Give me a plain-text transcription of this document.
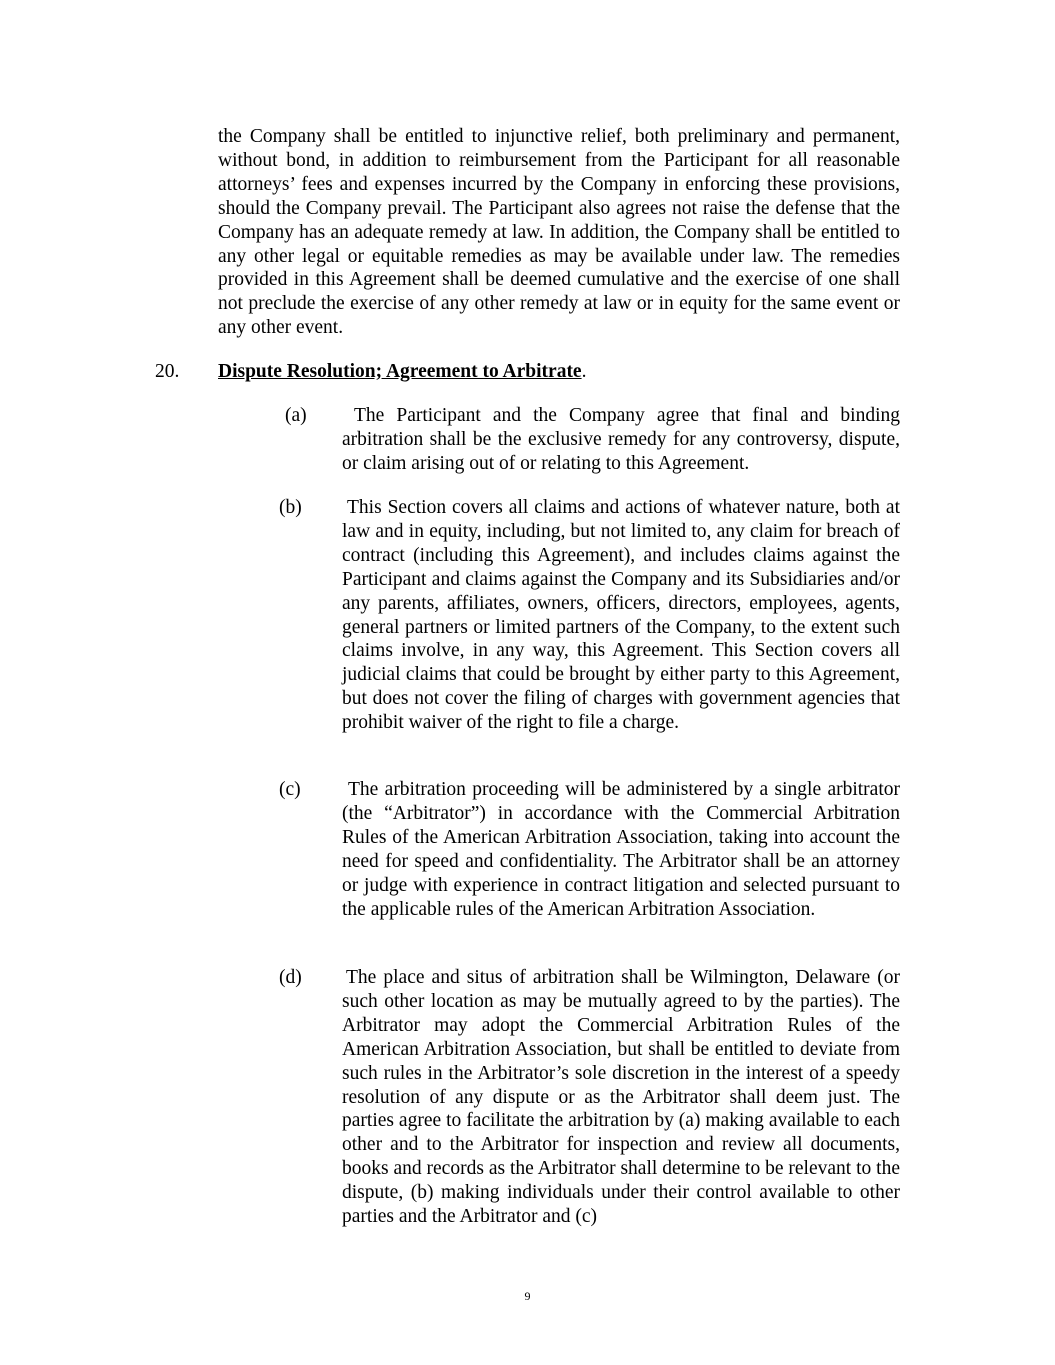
the Company shall be entitled to injunctive relief, both preliminary and permanent, without bond, in addition to reimbursement from the Participant for all reasonable attorneys’ fees and expenses incurred by the Company in enforcing these provisions, should the Company prevail. The Participant also agrees not raise the defense that the Company has an adequate remedy at law. In addition, the Company shall be entitled to any other legal or equitable remedies as may be available under law. The remedies provided in this Agreement shall be deemed cumulative and the exercise of one shall not preclude the exercise of any other remedy at law or in equity for the same event or any other event.

20. Dispute Resolution; Agreement to Arbitrate.

(a)	The Participant and the Company agree that final and binding arbitration shall be the exclusive remedy for any controversy, dispute, or claim arising out of or relating to this Agreement.

(b) This Section covers all claims and actions of whatever nature, both at law and in equity, including, but not limited to, any claim for breach of contract (including this Agreement), and includes claims against the Participant and claims against the Company and its Subsidiaries and/or any parents, affiliates, owners, officers, directors, employees, agents, general partners or limited partners of the Company, to the extent such claims involve, in any way, this Agreement. This Section covers all judicial claims that could be brought by either party to this Agreement, but does not cover the filing of charges with government agencies that prohibit waiver of the right to file a charge.

(c)	The arbitration proceeding will be administered by a single arbitrator (the “Arbitrator”) in accordance with the Commercial Arbitration Rules of the American Arbitration Association, taking into account the need for speed and confidentiality. The Arbitrator shall be an attorney or judge with experience in contract litigation and selected pursuant to the applicable rules of the American Arbitration Association.

(d) The place and situs of arbitration shall be Wilmington, Delaware (or such other location as may be mutually agreed to by the parties). The Arbitrator may adopt the Commercial Arbitration Rules of the American Arbitration Association, but shall be entitled to deviate from such rules in the Arbitrator’s sole discretion in the interest of a speedy resolution of any dispute or as the Arbitrator shall deem just. The parties agree to facilitate the arbitration by (a) making available to each other and to the Arbitrator for inspection and review all documents, books and records as the Arbitrator shall determine to be relevant to the dispute, (b) making individuals under their control available to other parties and the Arbitrator and (c)

9
